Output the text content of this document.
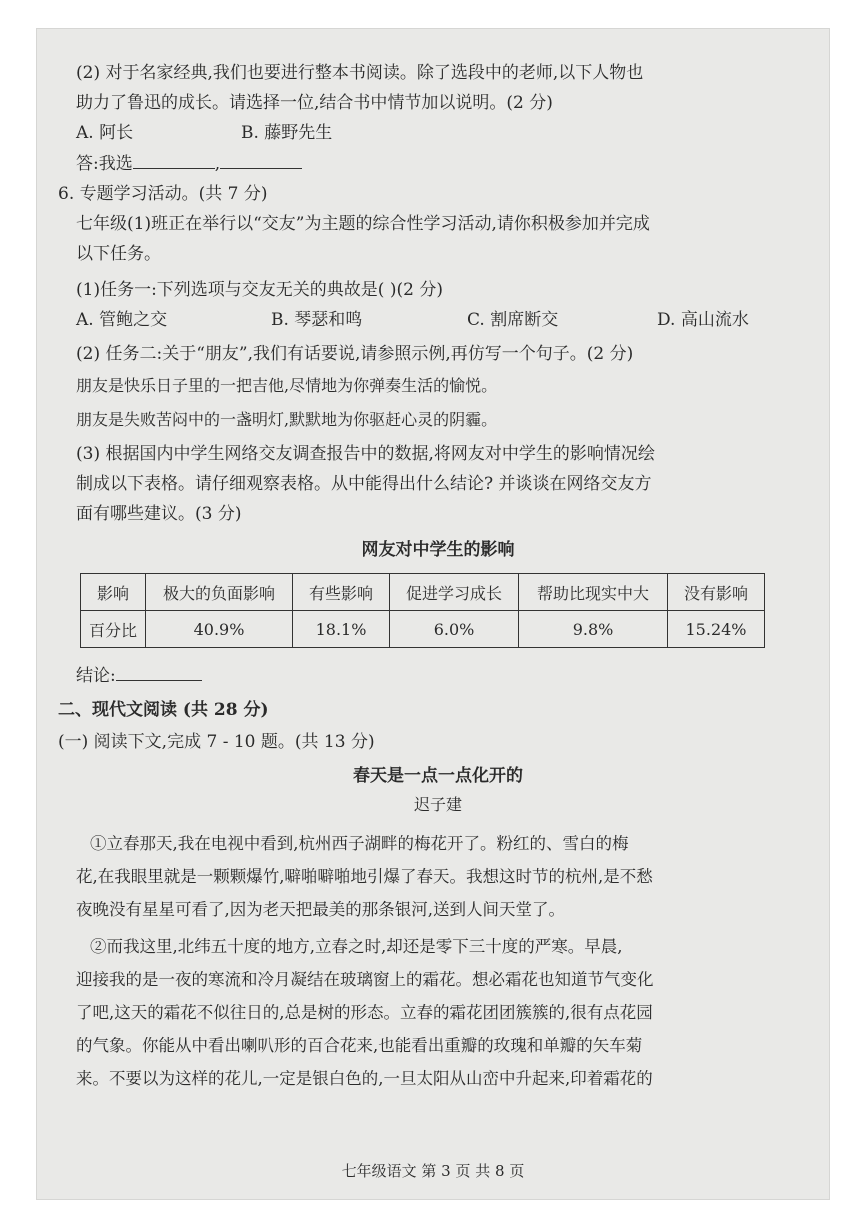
(2) 对于名家经典,我们也要进行整本书阅读。除了选段中的老师,以下人物也
助力了鲁迅的成长。请选择一位,结合书中情节加以说明。(2 分)
A. 阿长	B. 藤野先生
答:我选	,
6. 专题学习活动。(共 7 分)
七年级(1)班正在举行以“交友”为主题的综合性学习活动,请你积极参加并完成
以下任务。
(1)任务一:下列选项与交友无关的典故是( )(2 分)
A. 管鲍之交	B. 琴瑟和鸣	C. 割席断交	D. 高山流水
(2) 任务二:关于“朋友”,我们有话要说,请参照示例,再仿写一个句子。(2 分)
朋友是快乐日子里的一把吉他,尽情地为你弹奏生活的愉悦。
朋友是失败苦闷中的一盏明灯,默默地为你驱赶心灵的阴霾。
(3) 根据国内中学生网络交友调查报告中的数据,将网友对中学生的影响情况绘
制成以下表格。请仔细观察表格。从中能得出什么结论? 并谈谈在网络交友方
面有哪些建议。(3 分)
网友对中学生的影响
影响	极大的负面影响	有些影响	促进学习成长	帮助比现实中大	没有影响
百分比	40.9%	18.1%	6.0%	9.8%	15.24%
结论:
二、现代文阅读 (共 28 分)
(一) 阅读下文,完成 7 - 10 题。(共 13 分)
春天是一点一点化开的
迟子建
①立春那天,我在电视中看到,杭州西子湖畔的梅花开了。粉红的、雪白的梅
花,在我眼里就是一颗颗爆竹,噼啪噼啪地引爆了春天。我想这时节的杭州,是不愁
夜晚没有星星可看了,因为老天把最美的那条银河,送到人间天堂了。
②而我这里,北纬五十度的地方,立春之时,却还是零下三十度的严寒。早晨,
迎接我的是一夜的寒流和冷月凝结在玻璃窗上的霜花。想必霜花也知道节气变化
了吧,这天的霜花不似往日的,总是树的形态。立春的霜花团团簇簇的,很有点花园
的气象。你能从中看出喇叭形的百合花来,也能看出重瓣的玫瑰和单瓣的矢车菊
来。不要以为这样的花儿,一定是银白色的,一旦太阳从山峦中升起来,印着霜花的
七年级语文 第 3 页 共 8 页
